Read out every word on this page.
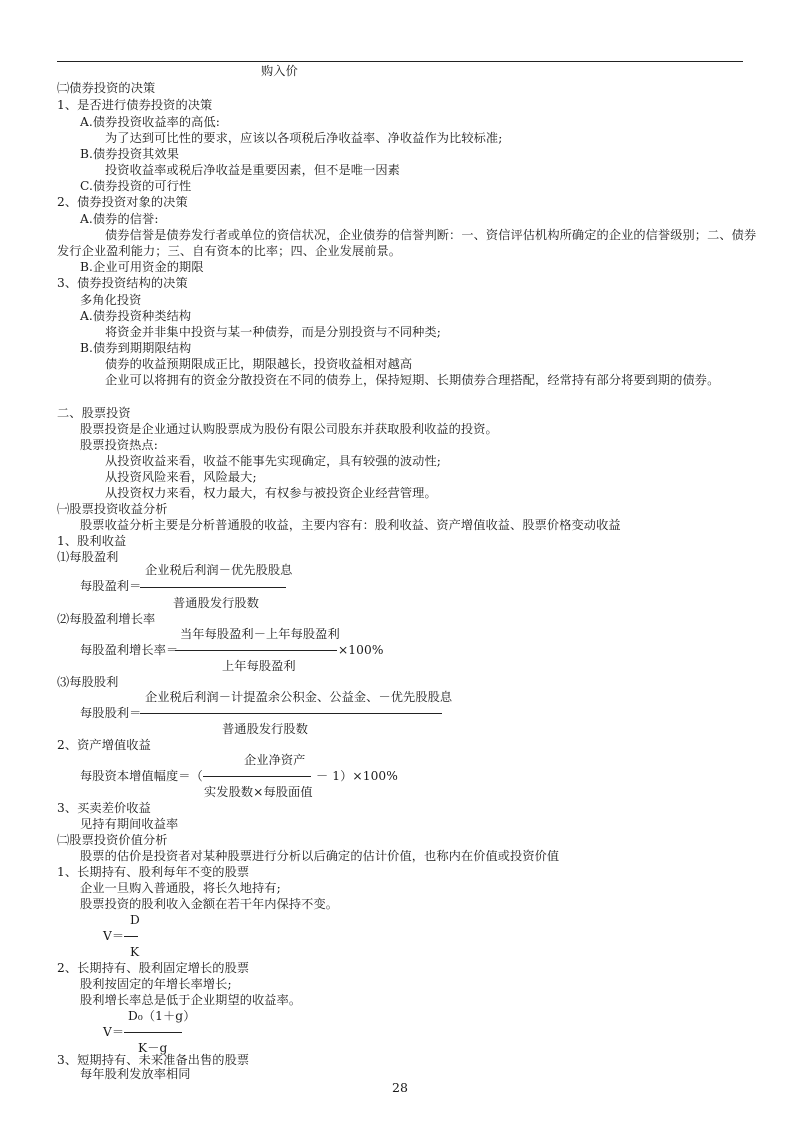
购入价
㈡债券投资的决策
1、是否进行债券投资的决策
A.债券投资收益率的高低:
为了达到可比性的要求，应该以各项税后净收益率、净收益作为比较标准;
B.债券投资其效果
投资收益率或税后净收益是重要因素，但不是唯一因素
C.债券投资的可行性
2、债券投资对象的决策
A.债券的信誉:
债券信誉是债券发行者或单位的资信状况，企业债券的信誉判断：一、资信评估机构所确定的企业的信誉级别；二、债券
发行企业盈利能力；三、自有资本的比率；四、企业发展前景。
B.企业可用资金的期限
3、债券投资结构的决策
多角化投资
A.债券投资种类结构
将资金并非集中投资与某一种债券，而是分别投资与不同种类;
B.债券到期期限结构
债券的收益预期限成正比，期限越长，投资收益相对越高
企业可以将拥有的资金分散投资在不同的债券上，保持短期、长期债券合理搭配，经常持有部分将要到期的债券。
二、股票投资
股票投资是企业通过认购股票成为股份有限公司股东并获取股利收益的投资。
股票投资热点:
从投资收益来看，收益不能事先实现确定，具有较强的波动性;
从投资风险来看，风险最大;
从投资权力来看，权力最大，有权参与被投资企业经营管理。
㈠股票投资收益分析
股票收益分析主要是分析普通股的收益，主要内容有：股利收益、资产增值收益、股票价格变动收益
1、股利收益
⑴每股盈利
企业税后利润－优先股股息
每股盈利＝
普通股发行股数
⑵每股盈利增长率
当年每股盈利－上年每股盈利
每股盈利增长率＝	×100%
上年每股盈利
⑶每股股利
企业税后利润－计提盈余公积金、公益金、－优先股股息
每股股利＝
普通股发行股数
2、资产增值收益
企业净资产
每股资本增值幅度＝（	－ 1）×100%
实发股数×每股面值
3、买卖差价收益
见持有期间收益率
㈡股票投资价值分析
股票的估价是投资者对某种股票进行分析以后确定的估计价值，也称内在价值或投资价值
1、长期持有、股利每年不变的股票
企业一旦购入普通股，将长久地持有;
股票投资的股利收入金额在若干年内保持不变。
D
V＝
K
2、长期持有、股利固定增长的股票
股利按固定的年增长率增长;
股利增长率总是低于企业期望的收益率。
D₀（1＋g）
V＝
K－g
3、短期持有、未来准备出售的股票
每年股利发放率相同
28
